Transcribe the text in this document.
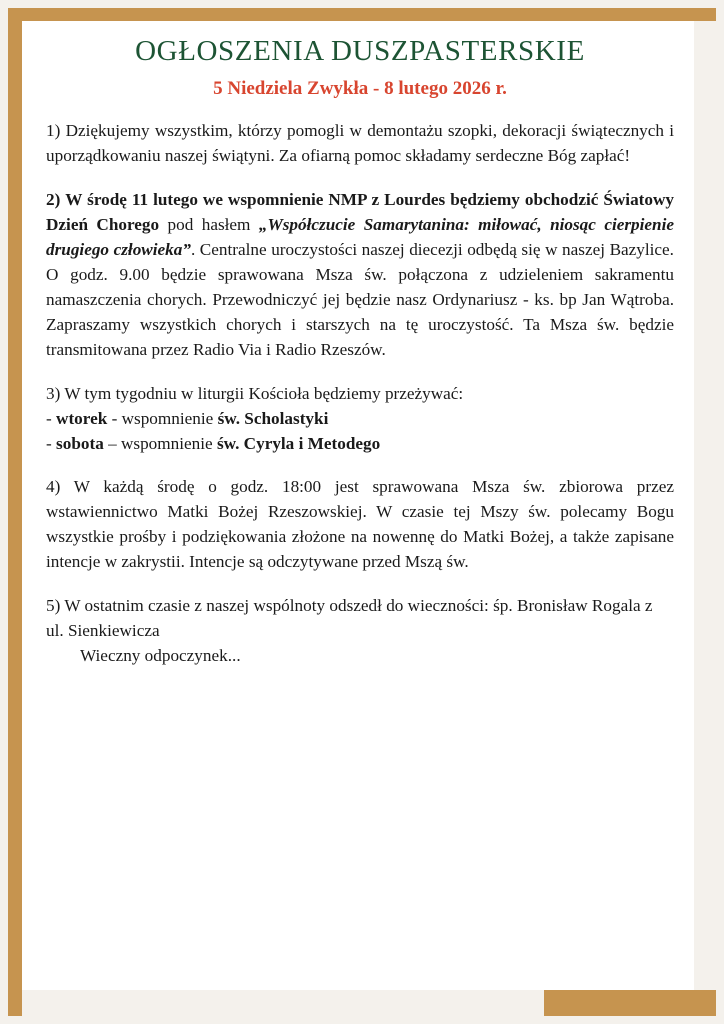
OGŁOSZENIA DUSZPASTERSKIE
5 Niedziela Zwykła - 8 lutego 2026 r.

1) Dziękujemy wszystkim, którzy pomogli w demontażu szopki, dekoracji świątecznych i uporządkowaniu naszej świątyni. Za ofiarną pomoc składamy serdeczne Bóg zapłać!

2) W środę 11 lutego we wspomnienie NMP z Lourdes będziemy obchodzić Światowy Dzień Chorego pod hasłem „Współczucie Samarytanina: miłować, niosąc cierpienie drugiego człowieka”. Centralne uroczystości naszej diecezji odbędą się w naszej Bazylice. O godz. 9.00 będzie sprawowana Msza św. połączona z udzieleniem sakramentu namaszczenia chorych. Przewodniczyć jej będzie nasz Ordynariusz - ks. bp Jan Wątroba. Zapraszamy wszystkich chorych i starszych na tę uroczystość. Ta Msza św. będzie transmitowana przez Radio Via i Radio Rzeszów.

3) W tym tygodniu w liturgii Kościoła będziemy przeżywać:
- wtorek - wspomnienie św. Scholastyki
- sobota – wspomnienie św. Cyryla i Metodego

4) W każdą środę o godz. 18:00 jest sprawowana Msza św. zbiorowa przez wstawiennictwo Matki Bożej Rzeszowskiej. W czasie tej Mszy św. polecamy Bogu wszystkie prośby i podziękowania złożone na nowennę do Matki Bożej, a także zapisane intencje w zakrystii. Intencje są odczytywane przed Mszą św.

5) W ostatnim czasie z naszej wspólnoty odszedł do wieczności: śp. Bronisław Rogala z ul. Sienkiewicza
Wieczny odpoczynek...
